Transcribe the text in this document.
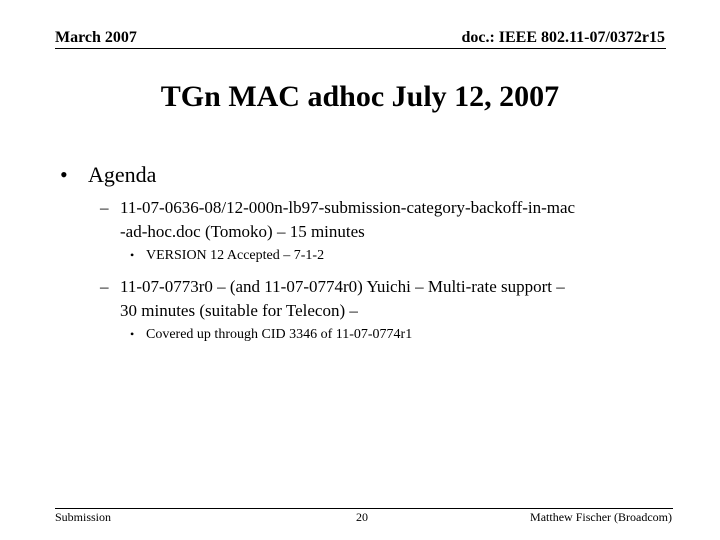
March 2007	doc.: IEEE 802.11-07/0372r15
TGn MAC adhoc July 12, 2007
• Agenda
– 11-07-0636-08/12-000n-lb97-submission-category-backoff-in-mac
-ad-hoc.doc (Tomoko) – 15 minutes
• VERSION 12 Accepted – 7-1-2
– 11-07-0773r0 – (and 11-07-0774r0) Yuichi – Multi-rate support –
30 minutes (suitable for Telecon) –
• Covered up through CID 3346 of 11-07-0774r1
Submission	20	Matthew Fischer (Broadcom)
